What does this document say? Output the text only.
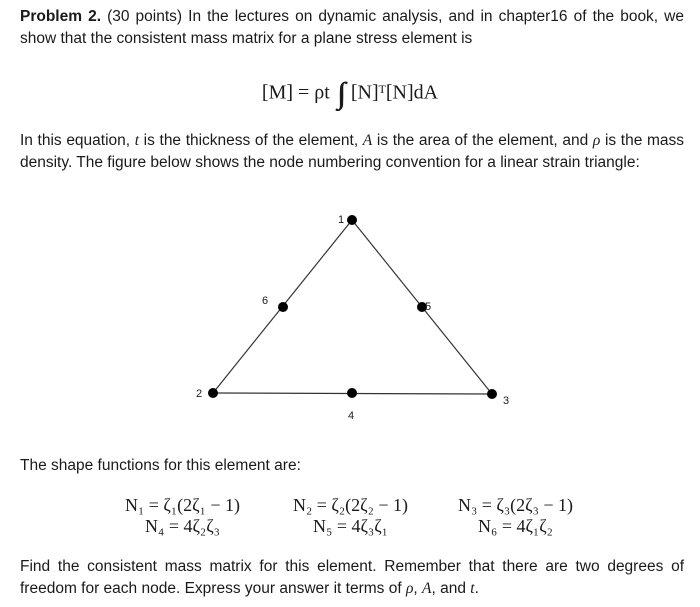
Problem 2. (30 points) In the lectures on dynamic analysis, and in chapter16 of the book, we show that the consistent mass matrix for a plane stress element is
[M] = ρt [N]ᵀ[N]dA
In this equation, t is the thickness of the element, A is the area of the element, and ρ is the mass density. The figure below shows the node numbering convention for a linear strain triangle:
1
2
3
4
5
6
The shape functions for this element are:
N₁ = ζ₁(2ζ₁ − 1)
N₄ = 4ζ₂ζ₃
N₂ = ζ₂(2ζ₂ − 1)
N₅ = 4ζ₃ζ₁
N₃ = ζ₃(2ζ₃ − 1)
N₆ = 4ζ₁ζ₂
Find the consistent mass matrix for this element. Remember that there are two degrees of freedom for each node. Express your answer it terms of ρ, A, and t.
